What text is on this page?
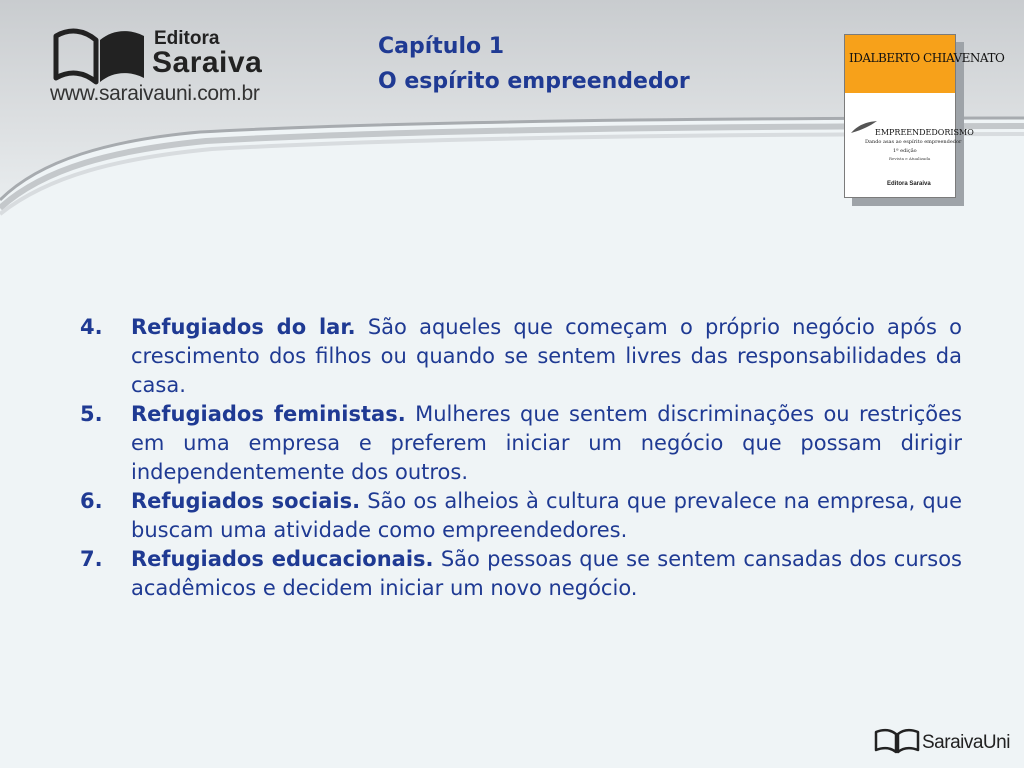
Editora
Saraiva
www.saraivauni.com.br
Capítulo 1
O espírito empreendedor
IDALBERTO CHIAVENATO
EMPREENDEDORISMO
Dando asas ao espírito empreendedor
1ª edição
Revista e Atualizada
Editora Saraiva
4. Refugiados do lar. São aqueles que começam o próprio negócio após o crescimento dos filhos ou quando se sentem livres das responsabilidades da casa.
5. Refugiados feministas. Mulheres que sentem discriminações ou restrições em uma empresa e preferem iniciar um negócio que possam dirigir independentemente dos outros.
6. Refugiados sociais. São os alheios à cultura que prevalece na empresa, que buscam uma atividade como empreendedores.
7. Refugiados educacionais. São pessoas que se sentem cansadas dos cursos acadêmicos e decidem iniciar um novo negócio.
SaraivaUni
